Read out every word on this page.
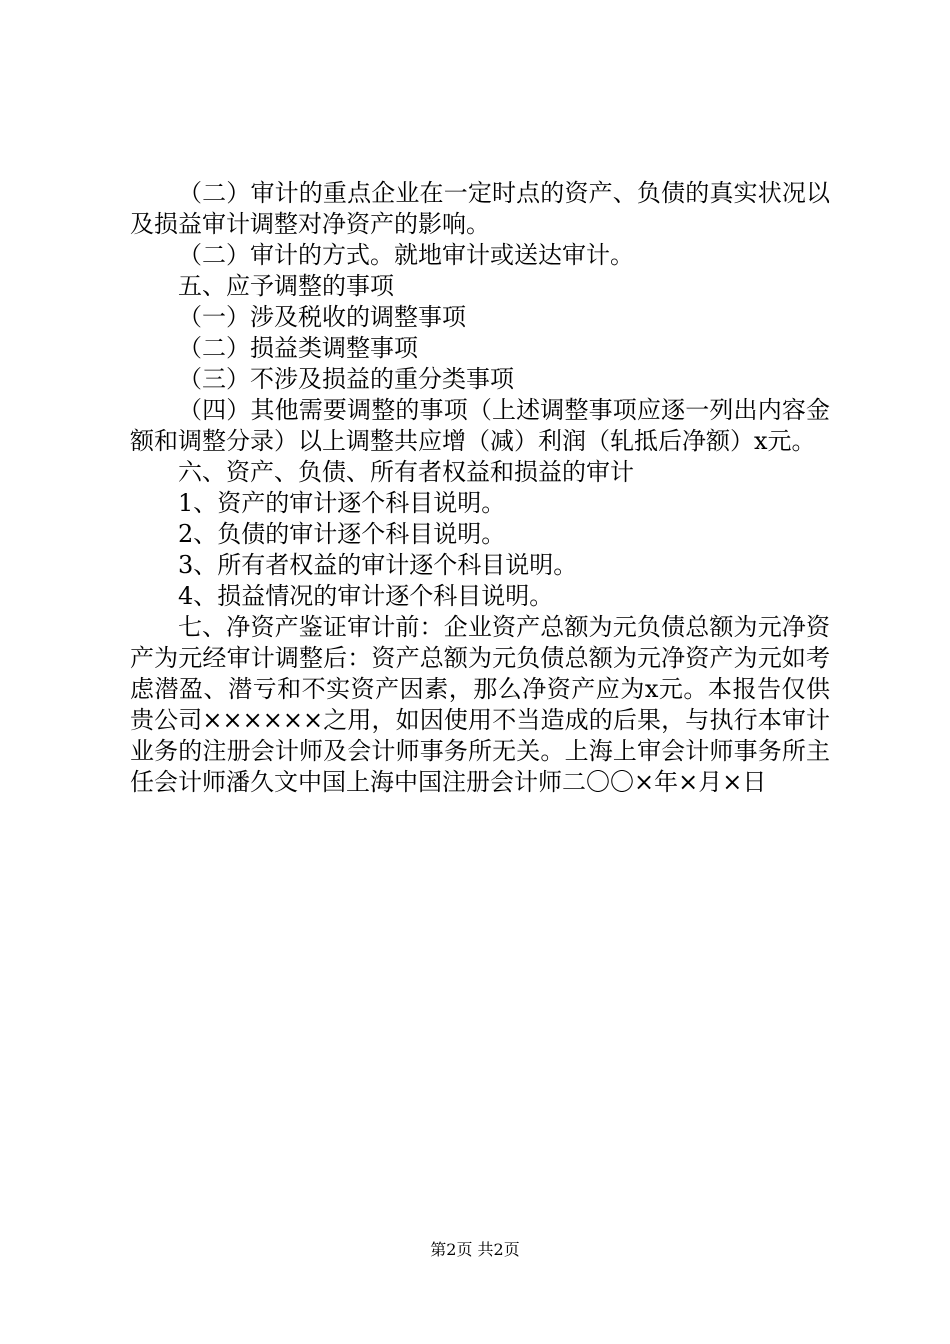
（二）审计的重点企业在一定时点的资产、负债的真实状况以及损益审计调整对净资产的影响。

（二）审计的方式。就地审计或送达审计。

五、应予调整的事项

（一）涉及税收的调整事项

（二）损益类调整事项

（三）不涉及损益的重分类事项

（四）其他需要调整的事项（上述调整事项应逐一列出内容金额和调整分录）以上调整共应增（减）利润（轧抵后净额）x元。

六、资产、负债、所有者权益和损益的审计

1、资产的审计逐个科目说明。

2、负债的审计逐个科目说明。

3、所有者权益的审计逐个科目说明。

4、损益情况的审计逐个科目说明。

七、净资产鉴证审计前：企业资产总额为元负债总额为元净资产为元经审计调整后：资产总额为元负债总额为元净资产为元如考虑潜盈、潜亏和不实资产因素，那么净资产应为x元。本报告仅供贵公司××××××之用，如因使用不当造成的后果，与执行本审计业务的注册会计师及会计师事务所无关。上海上审会计师事务所主任会计师潘久文中国上海中国注册会计师二〇〇×年×月×日

第2页 共2页
